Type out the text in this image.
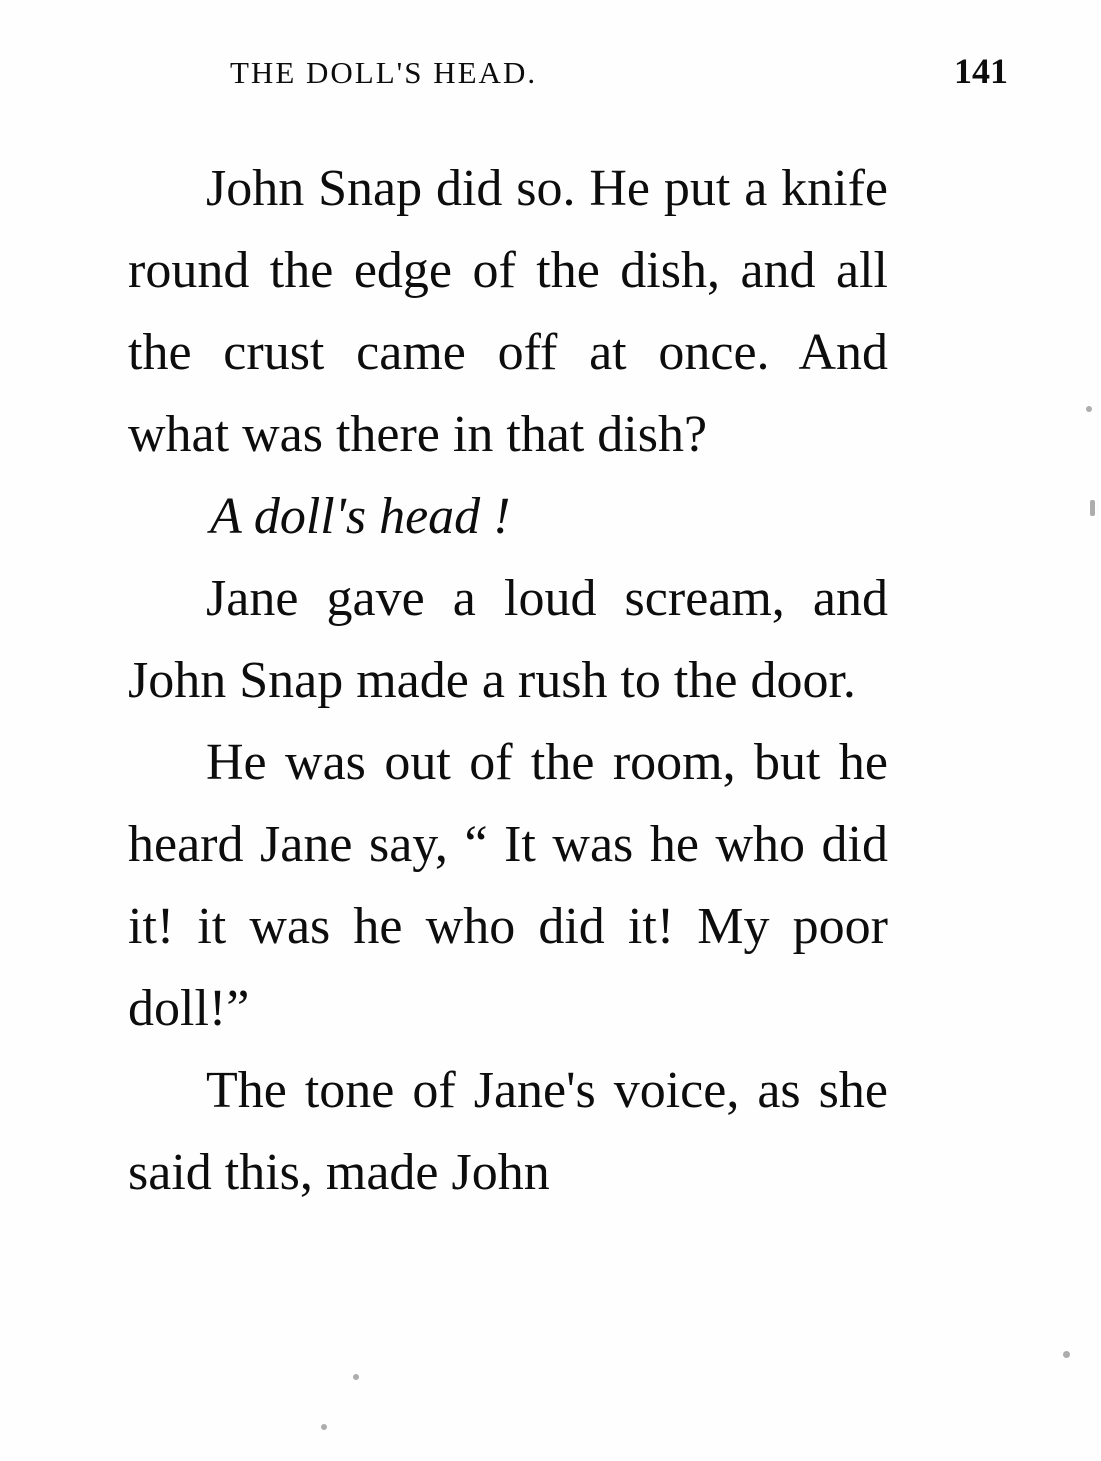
THE DOLL'S HEAD.	141

John Snap did so. He put a knife round the edge of the dish, and all the crust came off at once. And what was there in that dish?

A doll's head !

Jane gave a loud scream, and John Snap made a rush to the door.

He was out of the room, but he heard Jane say, “ It was he who did it! it was he who did it! My poor doll!”

The tone of Jane's voice, as she said this, made John
